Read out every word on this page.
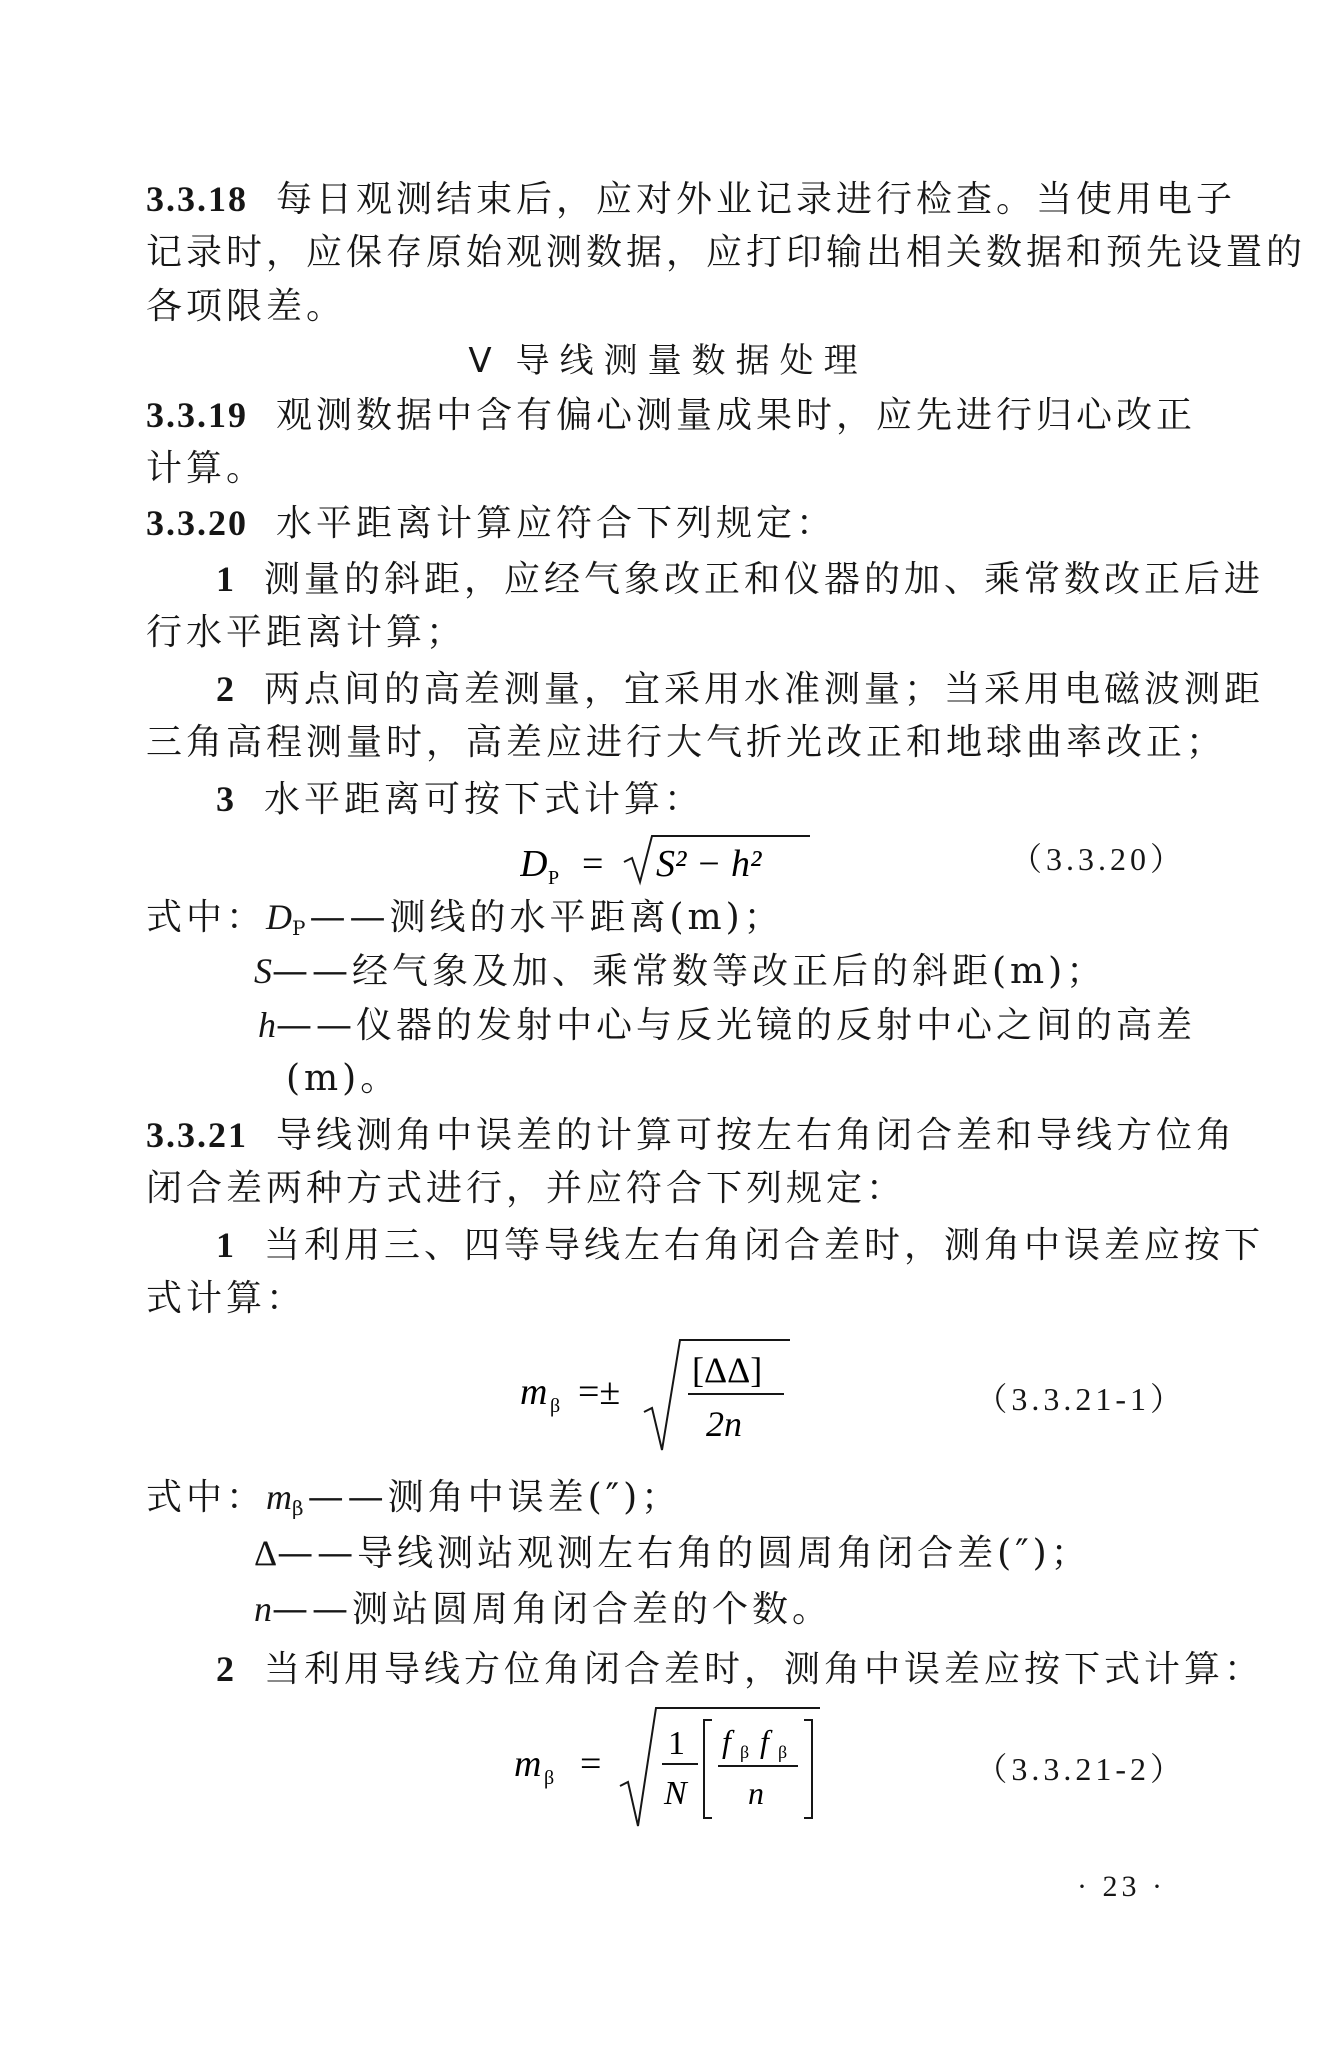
3.3.18 每日观测结束后，应对外业记录进行检查。当使用电子
记录时，应保存原始观测数据，应打印输出相关数据和预先设置的
各项限差。
Ⅴ 导线测量数据处理
3.3.19 观测数据中含有偏心测量成果时，应先进行归心改正
计算。
3.3.20 水平距离计算应符合下列规定：
1 测量的斜距，应经气象改正和仪器的加、乘常数改正后进
行水平距离计算；
2 两点间的高差测量，宜采用水准测量；当采用电磁波测距
三角高程测量时，高差应进行大气折光改正和地球曲率改正；
3 水平距离可按下式计算：
D P = S² − h²	（3.3.20）
式中：$D_P——$测线的水平距离(m)；
S——经气象及加、乘常数等改正后的斜距(m)；
h——仪器的发射中心与反光镜的反射中心之间的高差
(m)。
3.3.21 导线测角中误差的计算可按左右角闭合差和导线方位角
闭合差两种方式进行，并应符合下列规定：
1 当利用三、四等导线左右角闭合差时，测角中误差应按下
式计算：
m β =±
[ΔΔ]
2n
（3.3.21-1）
式中：$m_\beta——$测角中误差(″)；
Δ——导线测站观测左右角的圆周角闭合差(″)；
n——测站圆周角闭合差的个数。
2 当利用导线方位角闭合差时，测角中误差应按下式计算：
m β = 1
N
f β f β
n
（3.3.21-2）
· 23 ·
